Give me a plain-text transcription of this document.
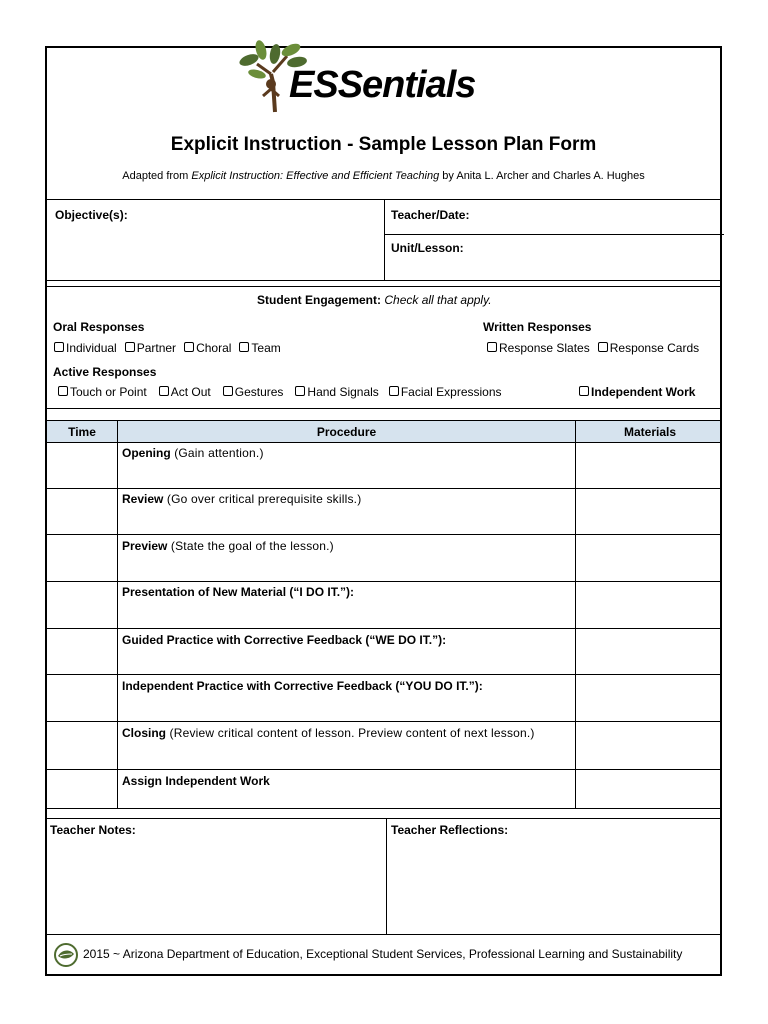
ESSentials
Explicit Instruction - Sample Lesson Plan Form
Adapted from Explicit Instruction: Effective and Efficient Teaching by Anita L. Archer and Charles A. Hughes
Objective(s):	Teacher/Date:
Unit/Lesson:
Student Engagement: Check all that apply.
Oral Responses
Individual Partner Choral Team
Written Responses
Response Slates Response Cards
Active Responses
Touch or Point Act Out Gestures Hand Signals Facial Expressions	Independent Work
Time	Procedure	Materials
Opening (Gain attention.)
Review (Go over critical prerequisite skills.)
Preview (State the goal of the lesson.)
Presentation of New Material (“I DO IT.”):
Guided Practice with Corrective Feedback (“WE DO IT.”):
Independent Practice with Corrective Feedback (“YOU DO IT.”):
Closing (Review critical content of lesson. Preview content of next lesson.)
Assign Independent Work
Teacher Notes:	Teacher Reflections:
2015 ~ Arizona Department of Education, Exceptional Student Services, Professional Learning and Sustainability
